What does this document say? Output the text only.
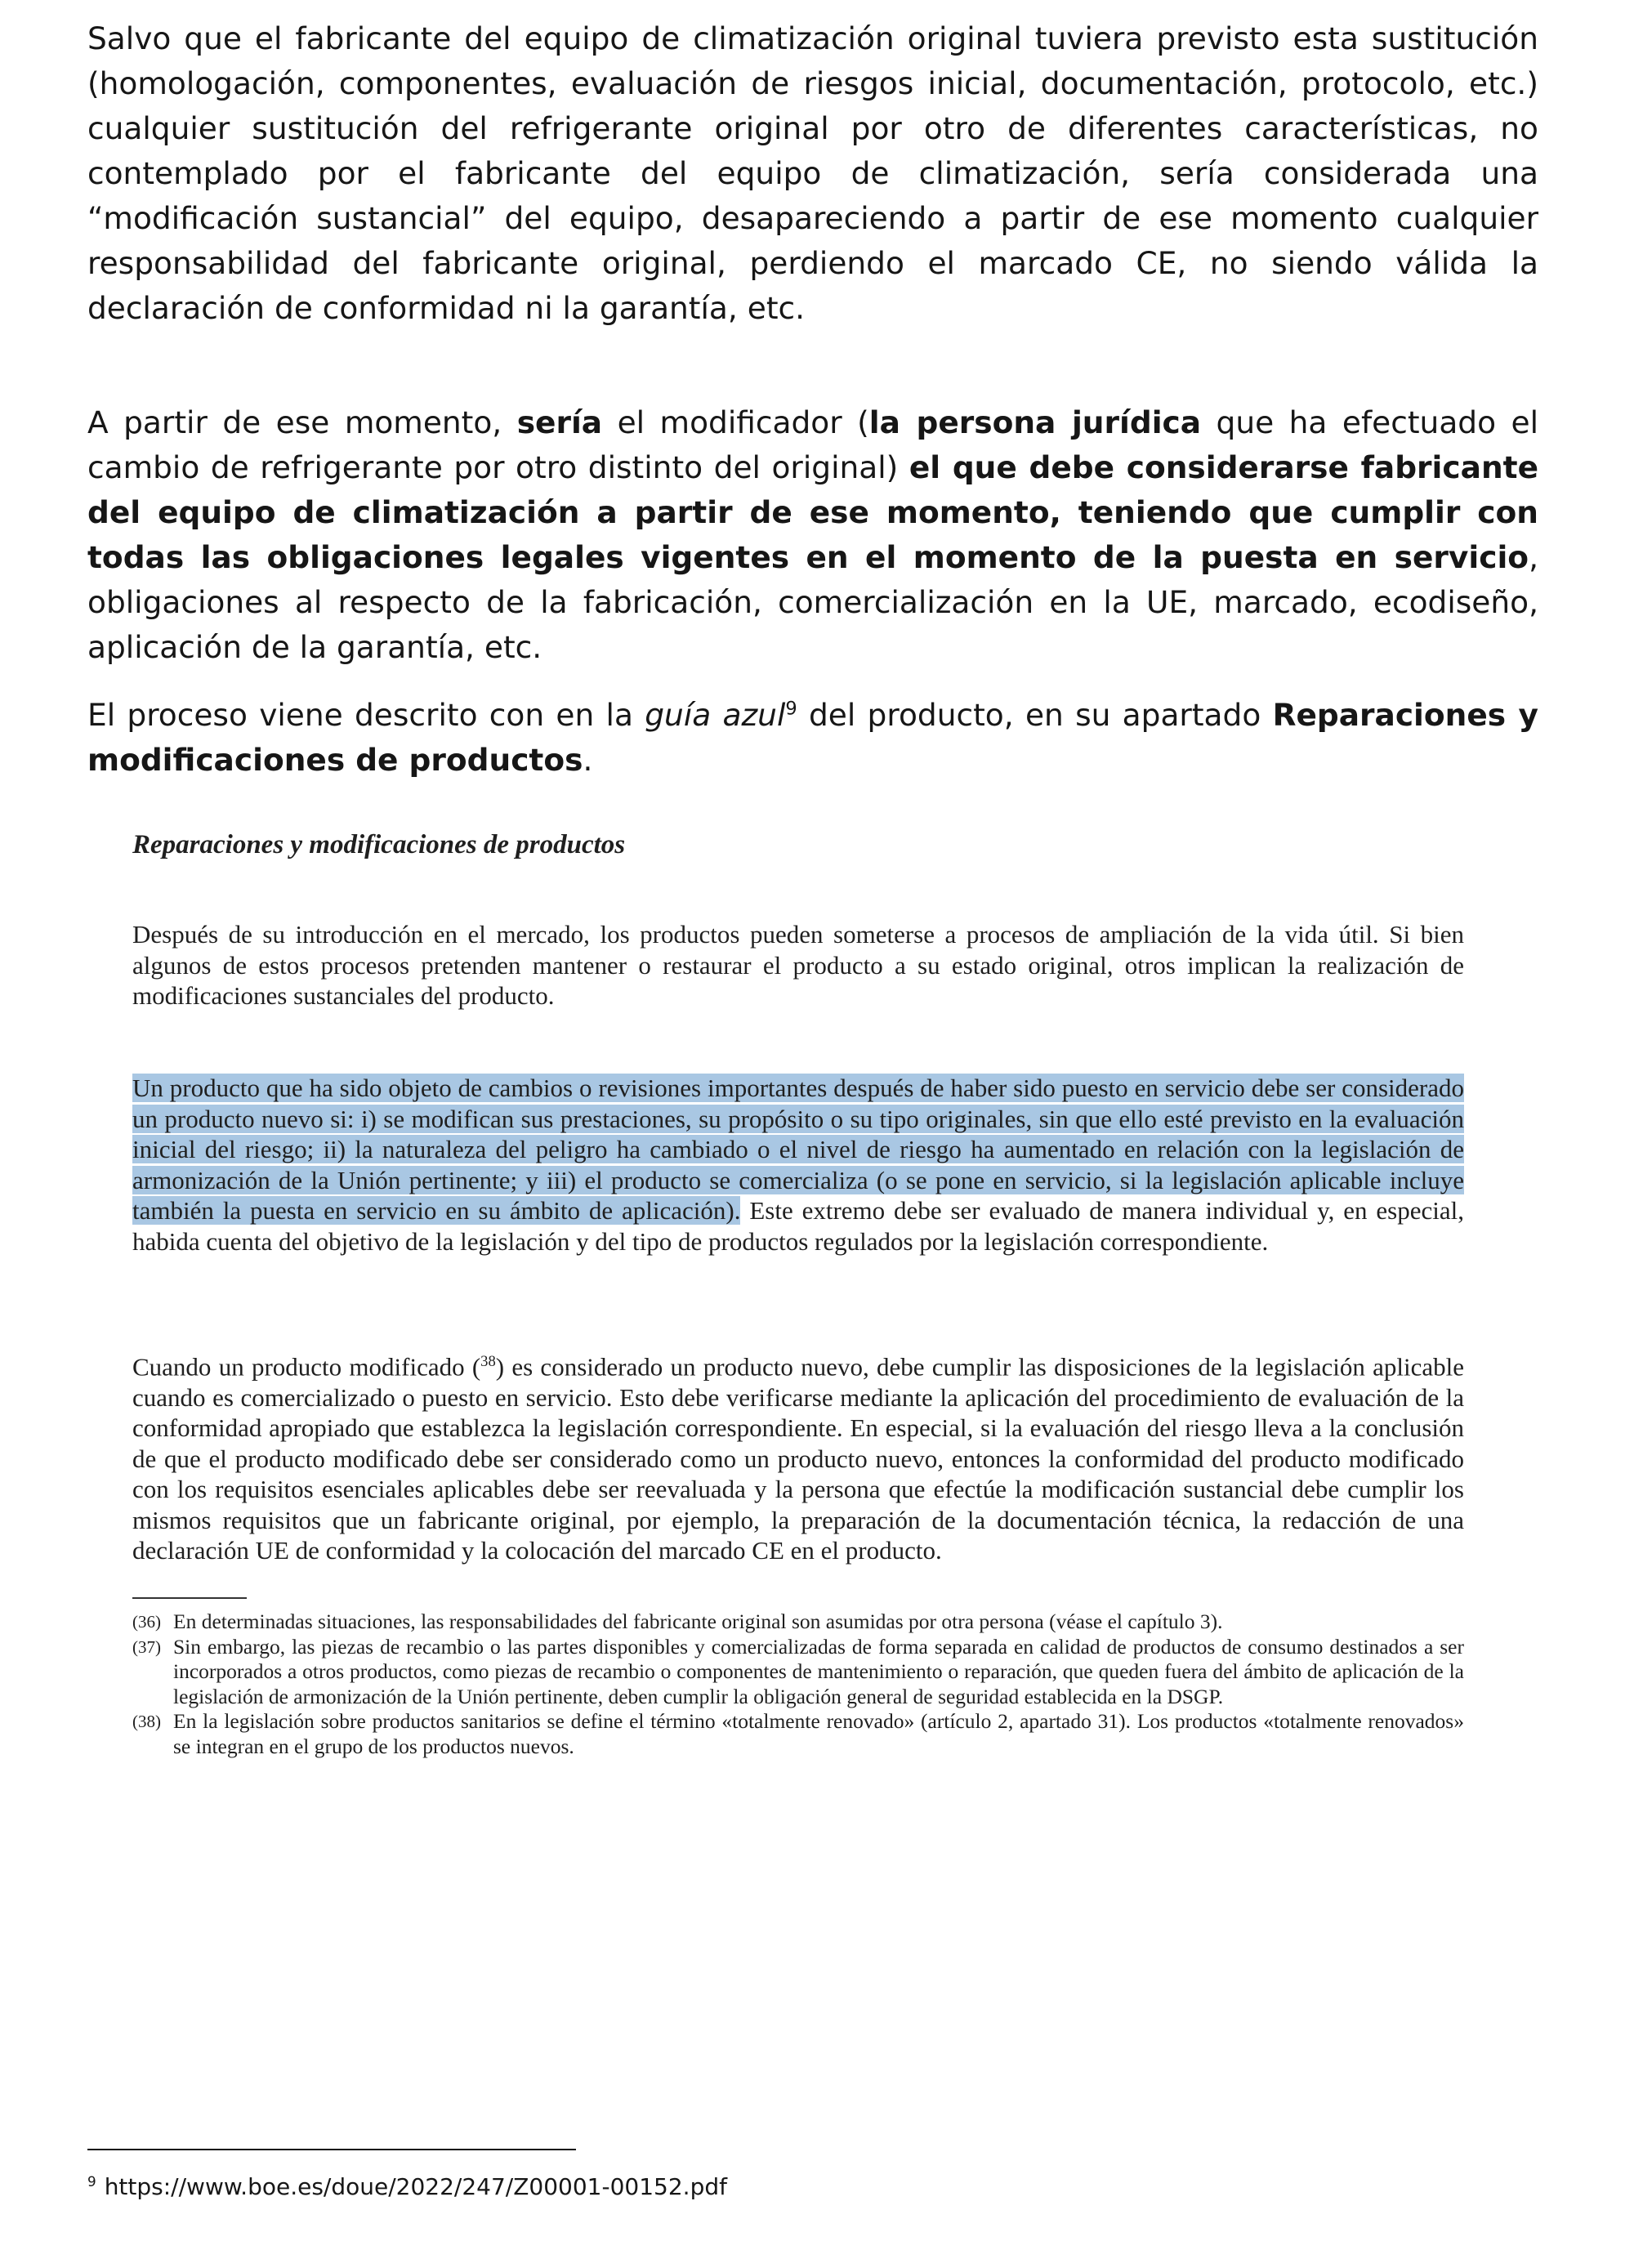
Salvo que el fabricante del equipo de climatización original tuviera previsto esta sustitución (homologación, componentes, evaluación de riesgos inicial, documentación, protocolo, etc.) cualquier sustitución del refrigerante original por otro de diferentes características, no contemplado por el fabricante del equipo de climatización, sería considerada una “modificación sustancial” del equipo, desapareciendo a partir de ese momento cualquier responsabilidad del fabricante original, perdiendo el marcado CE, no siendo válida la declaración de conformidad ni la garantía, etc.

A partir de ese momento, sería el modificador (la persona jurídica que ha efectuado el cambio de refrigerante por otro distinto del original) el que debe considerarse fabricante del equipo de climatización a partir de ese momento, teniendo que cumplir con todas las obligaciones legales vigentes en el momento de la puesta en servicio, obligaciones al respecto de la fabricación, comercialización en la UE, marcado, ecodiseño, aplicación de la garantía, etc.

El proceso viene descrito con en la guía azul$^9$ del producto, en su apartado Reparaciones y modificaciones de productos.

Reparaciones y modificaciones de productos

Después de su introducción en el mercado, los productos pueden someterse a procesos de ampliación de la vida útil. Si bien algunos de estos procesos pretenden mantener o restaurar el producto a su estado original, otros implican la realización de modificaciones sustanciales del producto.

Un producto que ha sido objeto de cambios o revisiones importantes después de haber sido puesto en servicio debe ser considerado un producto nuevo si: i) se modifican sus prestaciones, su propósito o su tipo originales, sin que ello esté previsto en la evaluación inicial del riesgo; ii) la naturaleza del peligro ha cambiado o el nivel de riesgo ha aumentado en relación con la legislación de armonización de la Unión pertinente; y iii) el producto se comercializa (o se pone en servicio, si la legislación aplicable incluye también la puesta en servicio en su ámbito de aplicación). Este extremo debe ser evaluado de manera individual y, en especial, habida cuenta del objetivo de la legislación y del tipo de productos regulados por la legislación correspondiente.

Cuando un producto modificado ($^{38}$) es considerado un producto nuevo, debe cumplir las disposiciones de la legislación aplicable cuando es comercializado o puesto en servicio. Esto debe verificarse mediante la aplicación del procedimiento de evaluación de la conformidad apropiado que establezca la legislación correspondiente. En especial, si la evaluación del riesgo lleva a la conclusión de que el producto modificado debe ser considerado como un producto nuevo, entonces la conformidad del producto modificado con los requisitos esenciales aplicables debe ser reevaluada y la persona que efectúe la modificación sustancial debe cumplir los mismos requisitos que un fabricante original, por ejemplo, la preparación de la documentación técnica, la redacción de una declaración UE de conformidad y la colocación del marcado CE en el producto.

(36) En determinadas situaciones, las responsabilidades del fabricante original son asumidas por otra persona (véase el capítulo 3).
(37) Sin embargo, las piezas de recambio o las partes disponibles y comercializadas de forma separada en calidad de productos de consumo destinados a ser incorporados a otros productos, como piezas de recambio o componentes de mantenimiento o reparación, que queden fuera del ámbito de aplicación de la legislación de armonización de la Unión pertinente, deben cumplir la obligación general de seguridad establecida en la DSGP.
(38) En la legislación sobre productos sanitarios se define el término «totalmente renovado» (artículo 2, apartado 31). Los productos «totalmente renovados» se integran en el grupo de los productos nuevos.
$^9$ https://www.boe.es/doue/2022/247/Z00001-00152.pdf
